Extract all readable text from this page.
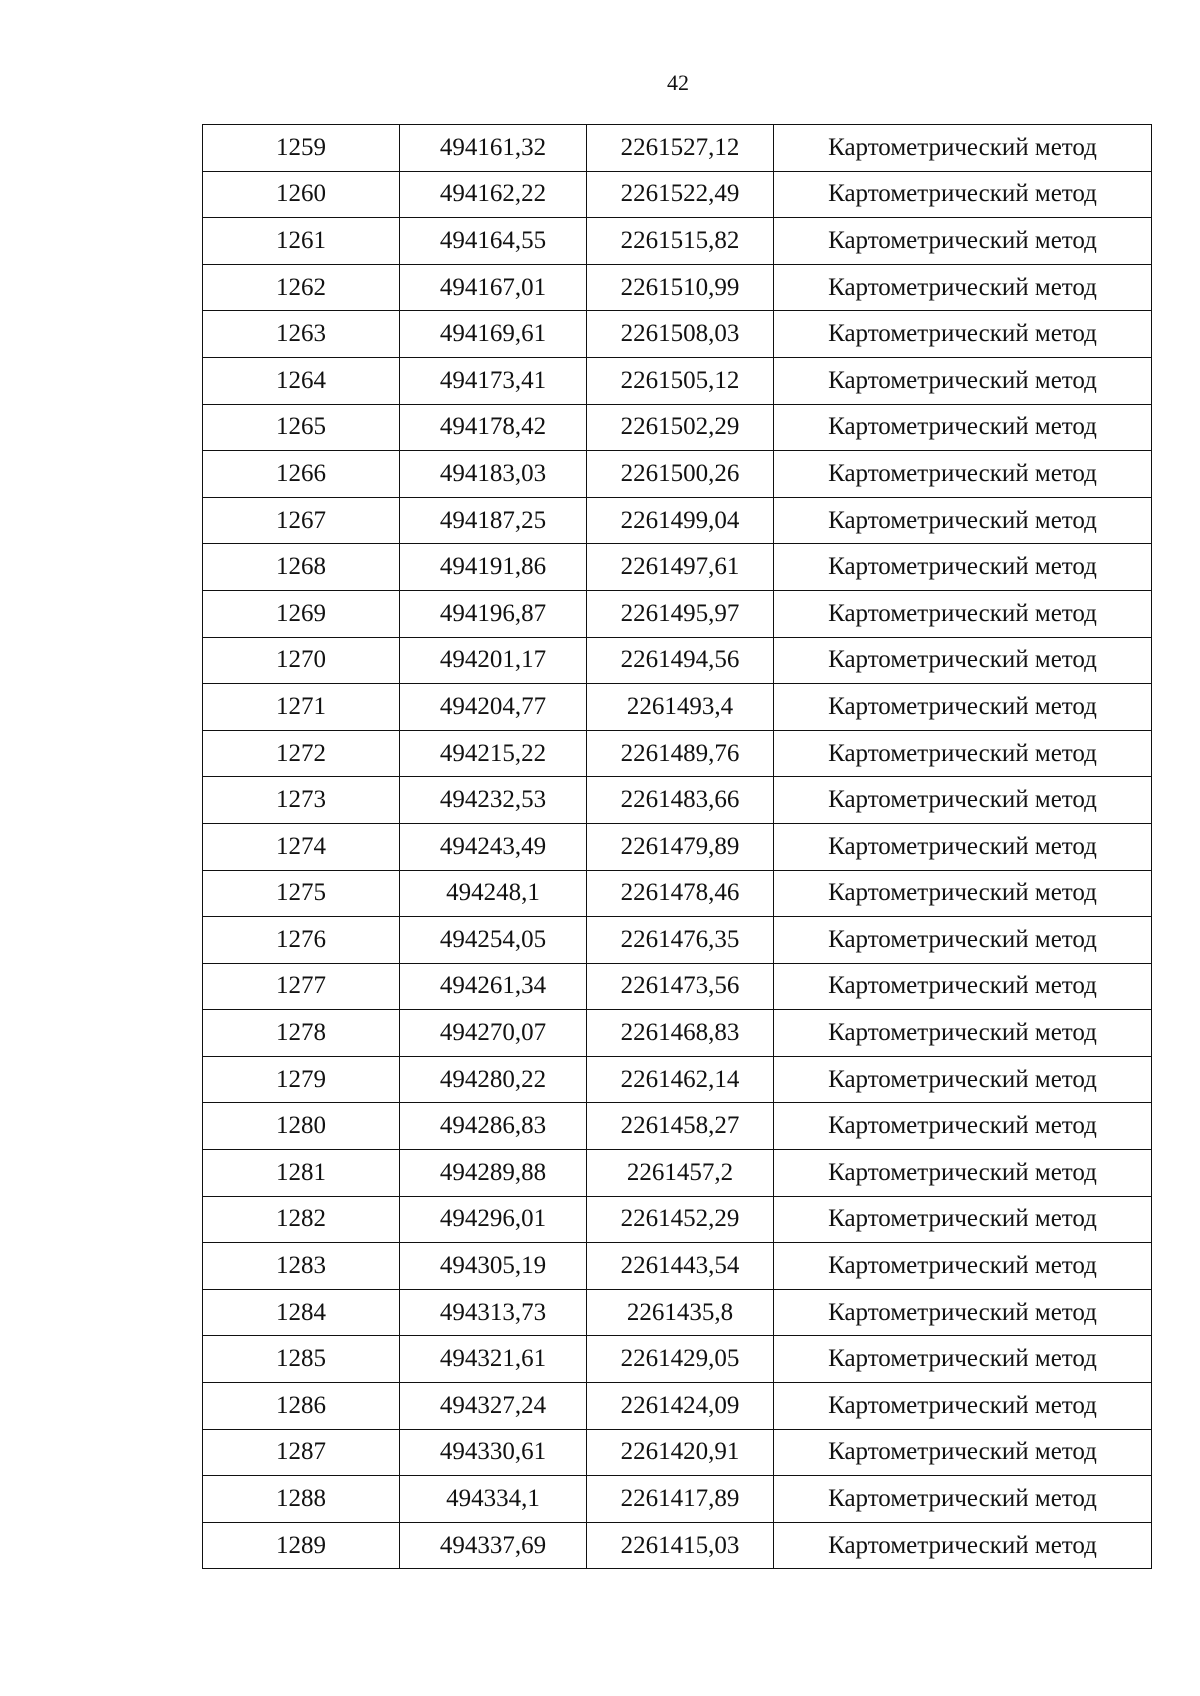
42
1259	494161,32	2261527,12	Картометрический метод
1260	494162,22	2261522,49	Картометрический метод
1261	494164,55	2261515,82	Картометрический метод
1262	494167,01	2261510,99	Картометрический метод
1263	494169,61	2261508,03	Картометрический метод
1264	494173,41	2261505,12	Картометрический метод
1265	494178,42	2261502,29	Картометрический метод
1266	494183,03	2261500,26	Картометрический метод
1267	494187,25	2261499,04	Картометрический метод
1268	494191,86	2261497,61	Картометрический метод
1269	494196,87	2261495,97	Картометрический метод
1270	494201,17	2261494,56	Картометрический метод
1271	494204,77	2261493,4	Картометрический метод
1272	494215,22	2261489,76	Картометрический метод
1273	494232,53	2261483,66	Картометрический метод
1274	494243,49	2261479,89	Картометрический метод
1275	494248,1	2261478,46	Картометрический метод
1276	494254,05	2261476,35	Картометрический метод
1277	494261,34	2261473,56	Картометрический метод
1278	494270,07	2261468,83	Картометрический метод
1279	494280,22	2261462,14	Картометрический метод
1280	494286,83	2261458,27	Картометрический метод
1281	494289,88	2261457,2	Картометрический метод
1282	494296,01	2261452,29	Картометрический метод
1283	494305,19	2261443,54	Картометрический метод
1284	494313,73	2261435,8	Картометрический метод
1285	494321,61	2261429,05	Картометрический метод
1286	494327,24	2261424,09	Картометрический метод
1287	494330,61	2261420,91	Картометрический метод
1288	494334,1	2261417,89	Картометрический метод
1289	494337,69	2261415,03	Картометрический метод
